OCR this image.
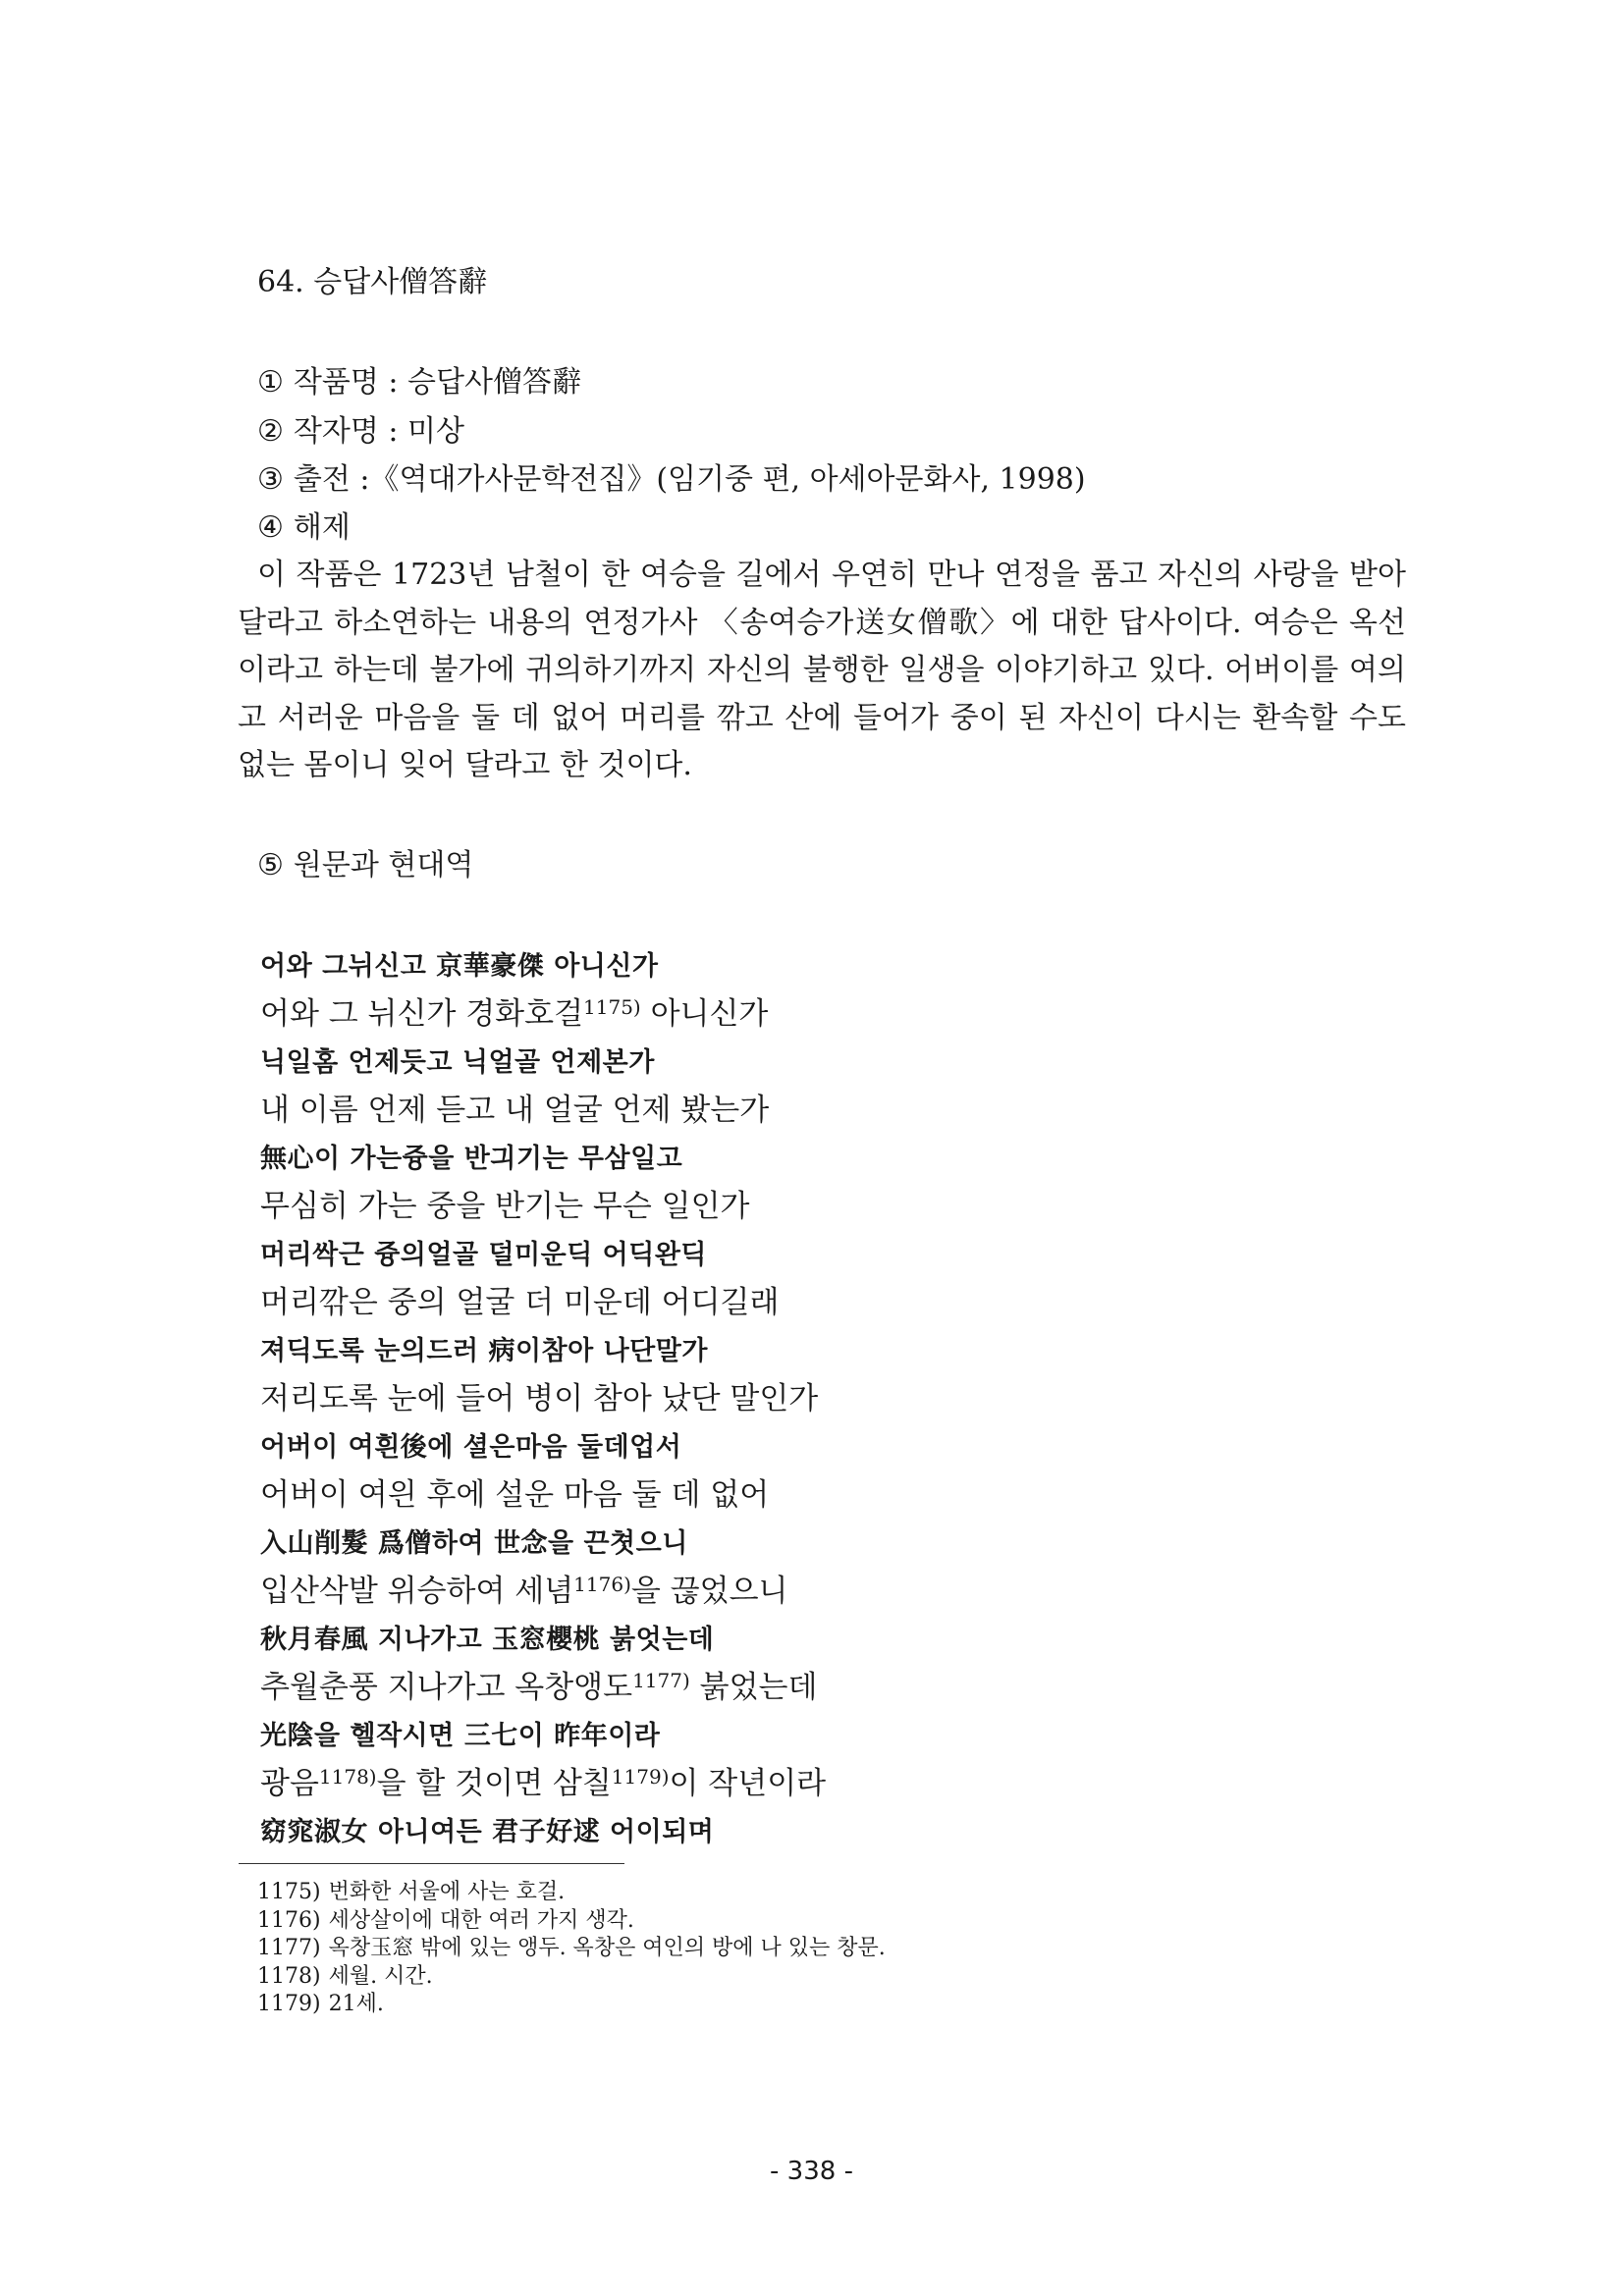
64. 승답사僧答辭
① 작품명 : 승답사僧答辭
② 작자명 : 미상
③ 출전 :《역대가사문학전집》(임기중 편, 아세아문화사, 1998)
④ 해제
이 작품은 1723년 남철이 한 여승을 길에서 우연히 만나 연정을 품고 자신의 사랑을 받아달라고 하소연하는 내용의 연정가사 〈송여승가送女僧歌〉에 대한 답사이다. 여승은 옥선이라고 하는데 불가에 귀의하기까지 자신의 불행한 일생을 이야기하고 있다. 어버이를 여의고 서러운 마음을 둘 데 없어 머리를 깎고 산에 들어가 중이 된 자신이 다시는 환속할 수도 없는 몸이니 잊어 달라고 한 것이다.
⑤ 원문과 현대역
어와 그뉘신고 京華豪傑 아니신가
어와 그 뉘신가 경화호걸$^{1175)}$ 아니신가
닉일홈 언제듯고 닉얼골 언제본가
내 이름 언제 듣고 내 얼굴 언제 봤는가
無心이 가는즁을 반긔기는 무삼일고
무심히 가는 중을 반기는 무슨 일인가
머리싹근 즁의얼골 덜미운딕 어딕완딕
머리깎은 중의 얼굴 더 미운데 어디길래
져딕도록 눈의드러 病이참아 나단말가
저리도록 눈에 들어 병이 참아 났단 말인가
어버이 여흰後에 셜은마음 둘데업서
어버이 여읜 후에 설운 마음 둘 데 없어
入山削髮 爲僧하여 世念을 끈쳣으니
입산삭발 위승하여 세념$^{1176)}$을 끊었으니
秋月春風 지나가고 玉窓櫻桃 붉엇는데
추월춘풍 지나가고 옥창앵도$^{1177)}$ 붉었는데
光陰을 헬작시면 三七이 昨年이라
광음$^{1178)}$을 할 것이면 삼칠$^{1179)}$이 작년이라
窈窕淑女 아니여든 君子好逑 어이되며
1175) 번화한 서울에 사는 호걸.
1176) 세상살이에 대한 여러 가지 생각.
1177) 옥창玉窓 밖에 있는 앵두. 옥창은 여인의 방에 나 있는 창문.
1178) 세월. 시간.
1179) 21세.
- 338 -
